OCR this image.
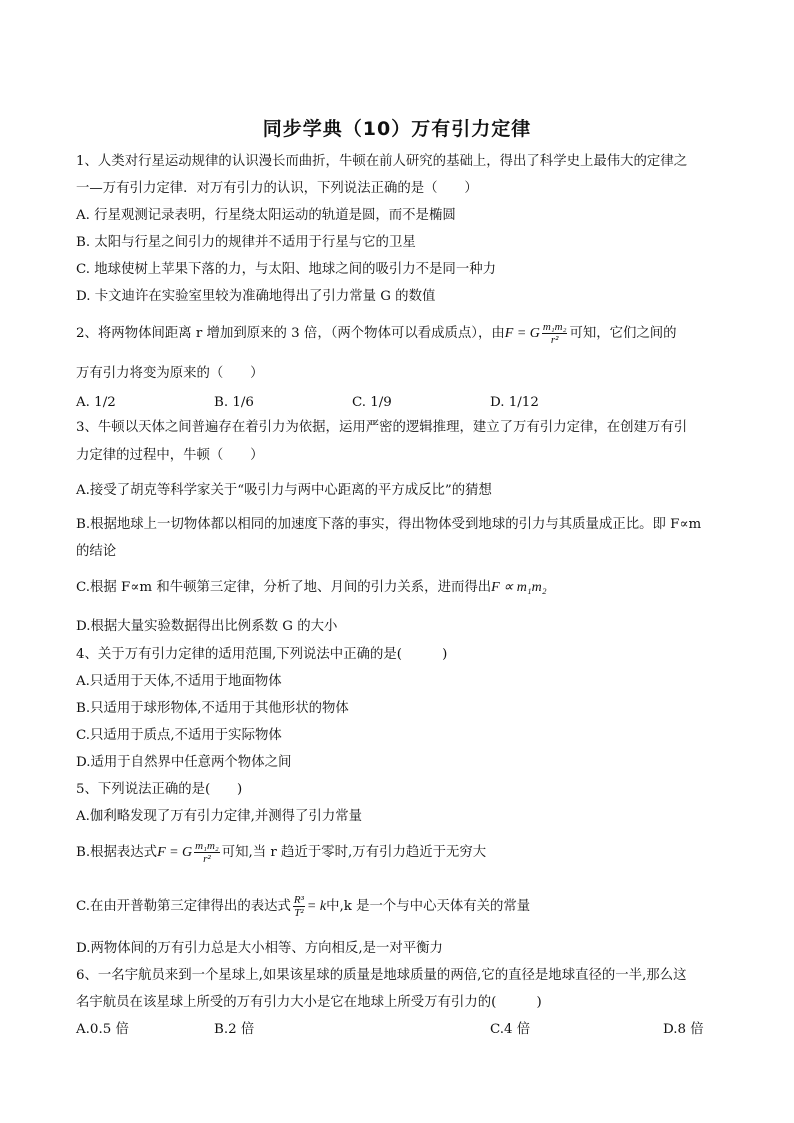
同步学典（10）万有引力定律
1、人类对行星运动规律的认识漫长而曲折，牛顿在前人研究的基础上，得出了科学史上最伟大的定律之
一—万有引力定律．对万有引力的认识，下列说法正确的是（　　）
A. 行星观测记录表明，行星绕太阳运动的轨道是圆，而不是椭圆
B. 太阳与行星之间引力的规律并不适用于行星与它的卫星
C. 地球使树上苹果下落的力，与太阳、地球之间的吸引力不是同一种力
D. 卡文迪许在实验室里较为准确地得出了引力常量 G 的数值
2、将两物体间距离 r 增加到原来的 3 倍，（两个物体可以看成质点），由F = G $\frac{\text{m₁m₂}}{\text{r²}}$ 可知，它们之间的
万有引力将变为原来的（　　）
A. 1/2	B. 1/6	C. 1/9	D. 1/12
3、牛顿以天体之间普遍存在着引力为依据，运用严密的逻辑推理，建立了万有引力定律，在创建万有引
力定律的过程中，牛顿（　　）
A.接受了胡克等科学家关于“吸引力与两中心距离的平方成反比”的猜想
B.根据地球上一切物体都以相同的加速度下落的事实，得出物体受到地球的引力与其质量成正比。即 F∝m
的结论
C.根据 F∝m 和牛顿第三定律，分析了地、月间的引力关系，进而得出F ∝ m₁m₂
D.根据大量实验数据得出比例系数 G 的大小
4、关于万有引力定律的适用范围,下列说法中正确的是(　　　)
A.只适用于天体,不适用于地面物体
B.只适用于球形物体,不适用于其他形状的物体
C.只适用于质点,不适用于实际物体
D.适用于自然界中任意两个物体之间
5、下列说法正确的是(　　)
A.伽利略发现了万有引力定律,并测得了引力常量
B.根据表达式F = G $\frac{\text{m₁m₂}}{\text{r²}}$ 可知,当 r 趋近于零时,万有引力趋近于无穷大
C.在由开普勒第三定律得出的表达式 $\frac{\text{R³}}{\text{T²}} = k$中,k 是一个与中心天体有关的常量
D.两物体间的万有引力总是大小相等、方向相反,是一对平衡力
6、一名宇航员来到一个星球上,如果该星球的质量是地球质量的两倍,它的直径是地球直径的一半,那么这
名宇航员在该星球上所受的万有引力大小是它在地球上所受万有引力的(　　　)
A.0.5 倍	B.2 倍	C.4 倍	D.8 倍
